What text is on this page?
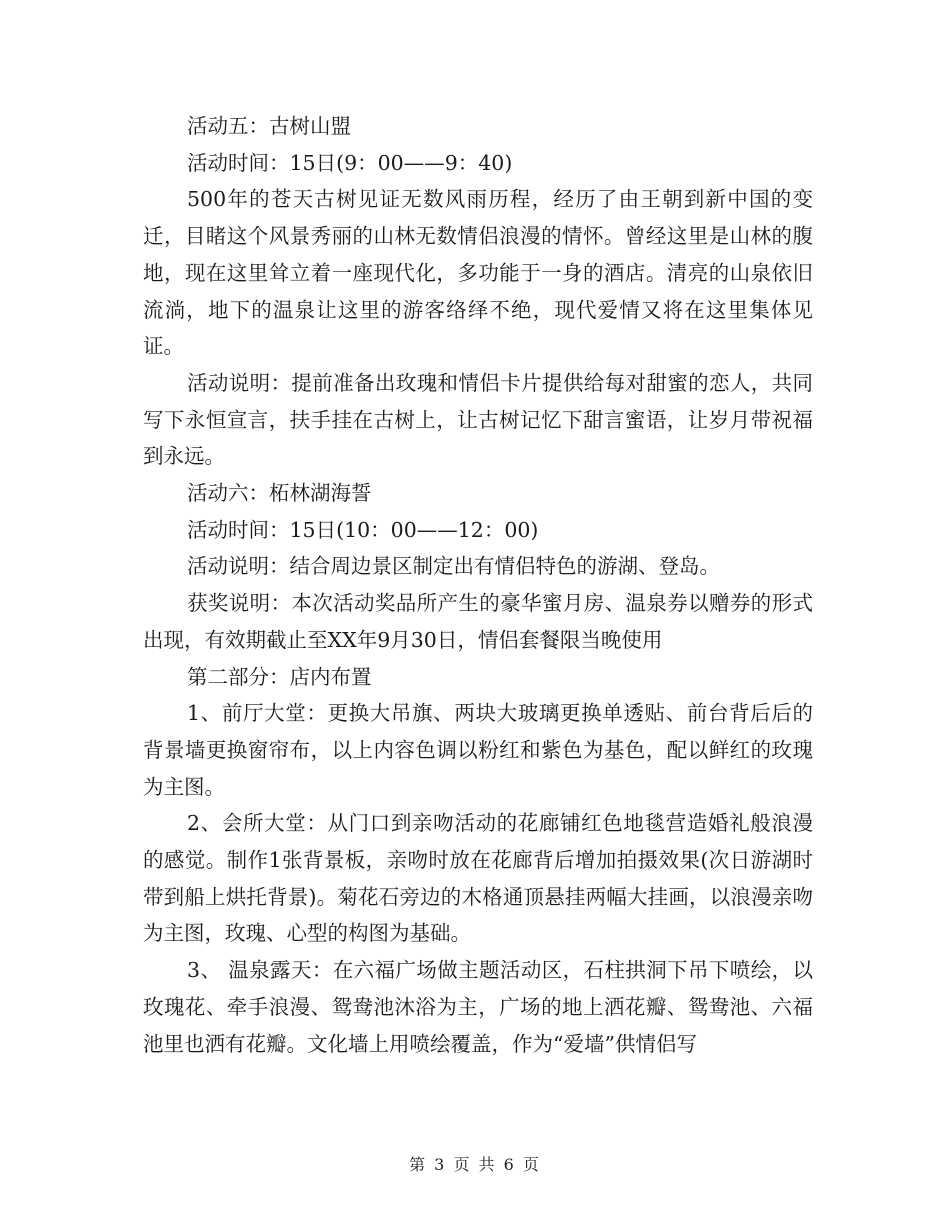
活动五：古树山盟

活动时间：15日(9：00——9：40)

500年的苍天古树见证无数风雨历程，经历了由王朝到新中国的变迁，目睹这个风景秀丽的山林无数情侣浪漫的情怀。曾经这里是山林的腹地，现在这里耸立着一座现代化，多功能于一身的酒店。清亮的山泉依旧流淌，地下的温泉让这里的游客络绎不绝，现代爱情又将在这里集体见证。

活动说明：提前准备出玫瑰和情侣卡片提供给每对甜蜜的恋人，共同写下永恒宣言，扶手挂在古树上，让古树记忆下甜言蜜语，让岁月带祝福到永远。

活动六：柘林湖海誓

活动时间：15日(10：00——12：00)

活动说明：结合周边景区制定出有情侣特色的游湖、登岛。

获奖说明：本次活动奖品所产生的豪华蜜月房、温泉券以赠券的形式出现，有效期截止至XX年9月30日，情侣套餐限当晚使用

第二部分：店内布置

1、前厅大堂：更换大吊旗、两块大玻璃更换单透贴、前台背后后的背景墙更换窗帘布，以上内容色调以粉红和紫色为基色，配以鲜红的玫瑰为主图。

2、会所大堂：从门口到亲吻活动的花廊铺红色地毯营造婚礼般浪漫的感觉。制作1张背景板，亲吻时放在花廊背后增加拍摄效果(次日游湖时带到船上烘托背景)。菊花石旁边的木格通顶悬挂两幅大挂画，以浪漫亲吻为主图，玫瑰、心型的构图为基础。

3、 温泉露天：在六福广场做主题活动区，石柱拱洞下吊下喷绘，以玫瑰花、牵手浪漫、鸳鸯池沐浴为主，广场的地上洒花瓣、鸳鸯池、六福池里也洒有花瓣。文化墙上用喷绘覆盖，作为“爱墙”供情侣写

第 3 页 共 6 页
